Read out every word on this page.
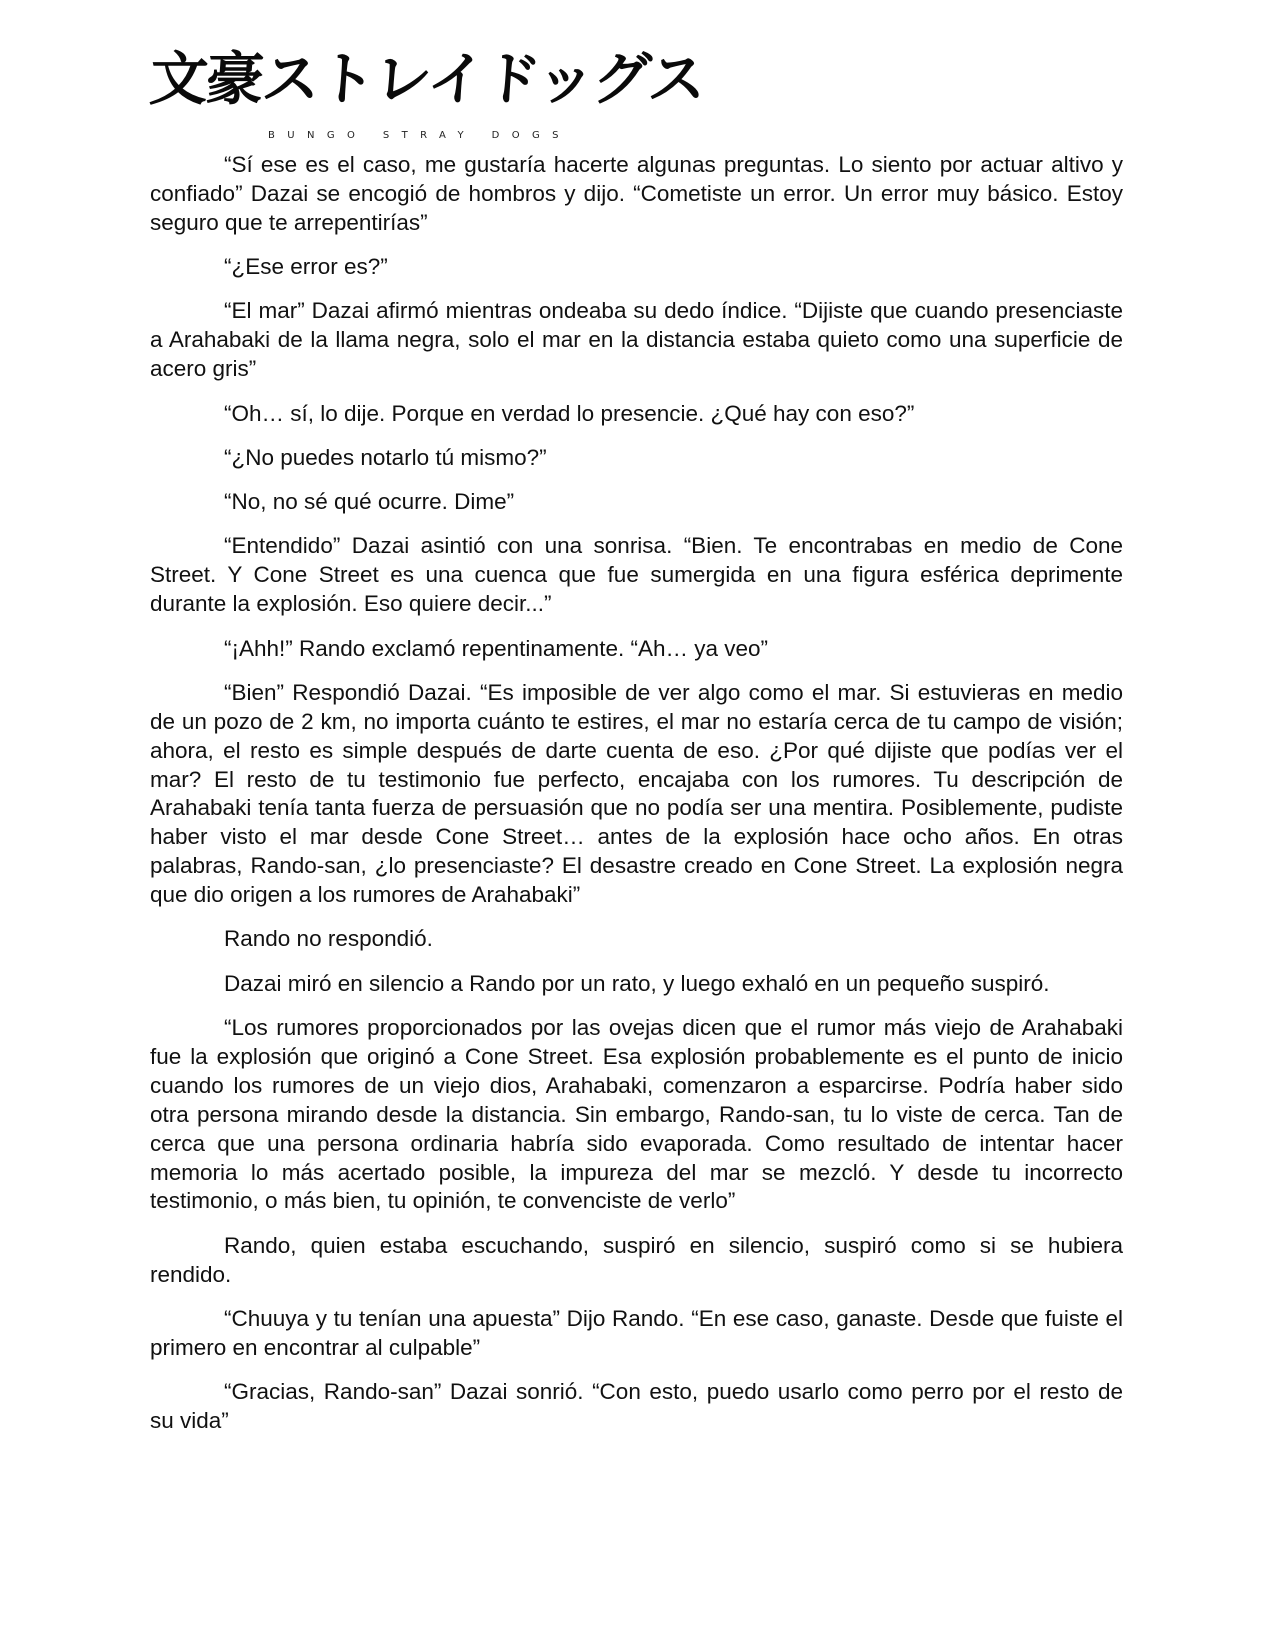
文豪ストレイドッグス
BUNGO STRAY DOGS

“Sí ese es el caso, me gustaría hacerte algunas preguntas. Lo siento por actuar altivo y confiado” Dazai se encogió de hombros y dijo. “Cometiste un error. Un error muy básico. Estoy seguro que te arrepentirías”

“¿Ese error es?”

“El mar” Dazai afirmó mientras ondeaba su dedo índice. “Dijiste que cuando presenciaste a Arahabaki de la llama negra, solo el mar en la distancia estaba quieto como una superficie de acero gris”

“Oh… sí, lo dije. Porque en verdad lo presencie. ¿Qué hay con eso?”

“¿No puedes notarlo tú mismo?”

“No, no sé qué ocurre. Dime”

“Entendido” Dazai asintió con una sonrisa. “Bien. Te encontrabas en medio de Cone Street. Y Cone Street es una cuenca que fue sumergida en una figura esférica deprimente durante la explosión. Eso quiere decir...”

“¡Ahh!” Rando exclamó repentinamente. “Ah… ya veo”

“Bien” Respondió Dazai. “Es imposible de ver algo como el mar. Si estuvieras en medio de un pozo de 2 km, no importa cuánto te estires, el mar no estaría cerca de tu campo de visión; ahora, el resto es simple después de darte cuenta de eso. ¿Por qué dijiste que podías ver el mar? El resto de tu testimonio fue perfecto, encajaba con los rumores. Tu descripción de Arahabaki tenía tanta fuerza de persuasión que no podía ser una mentira. Posiblemente, pudiste haber visto el mar desde Cone Street… antes de la explosión hace ocho años. En otras palabras, Rando-san, ¿lo presenciaste? El desastre creado en Cone Street. La explosión negra que dio origen a los rumores de Arahabaki”

Rando no respondió.

Dazai miró en silencio a Rando por un rato, y luego exhaló en un pequeño suspiró.

“Los rumores proporcionados por las ovejas dicen que el rumor más viejo de Arahabaki fue la explosión que originó a Cone Street. Esa explosión probablemente es el punto de inicio cuando los rumores de un viejo dios, Arahabaki, comenzaron a esparcirse. Podría haber sido otra persona mirando desde la distancia. Sin embargo, Rando-san, tu lo viste de cerca. Tan de cerca que una persona ordinaria habría sido evaporada. Como resultado de intentar hacer memoria lo más acertado posible, la impureza del mar se mezcló. Y desde tu incorrecto testimonio, o más bien, tu opinión, te convenciste de verlo”

Rando, quien estaba escuchando, suspiró en silencio, suspiró como si se hubiera rendido.

“Chuuya y tu tenían una apuesta” Dijo Rando. “En ese caso, ganaste. Desde que fuiste el primero en encontrar al culpable”

“Gracias, Rando-san” Dazai sonrió. “Con esto, puedo usarlo como perro por el resto de su vida”
